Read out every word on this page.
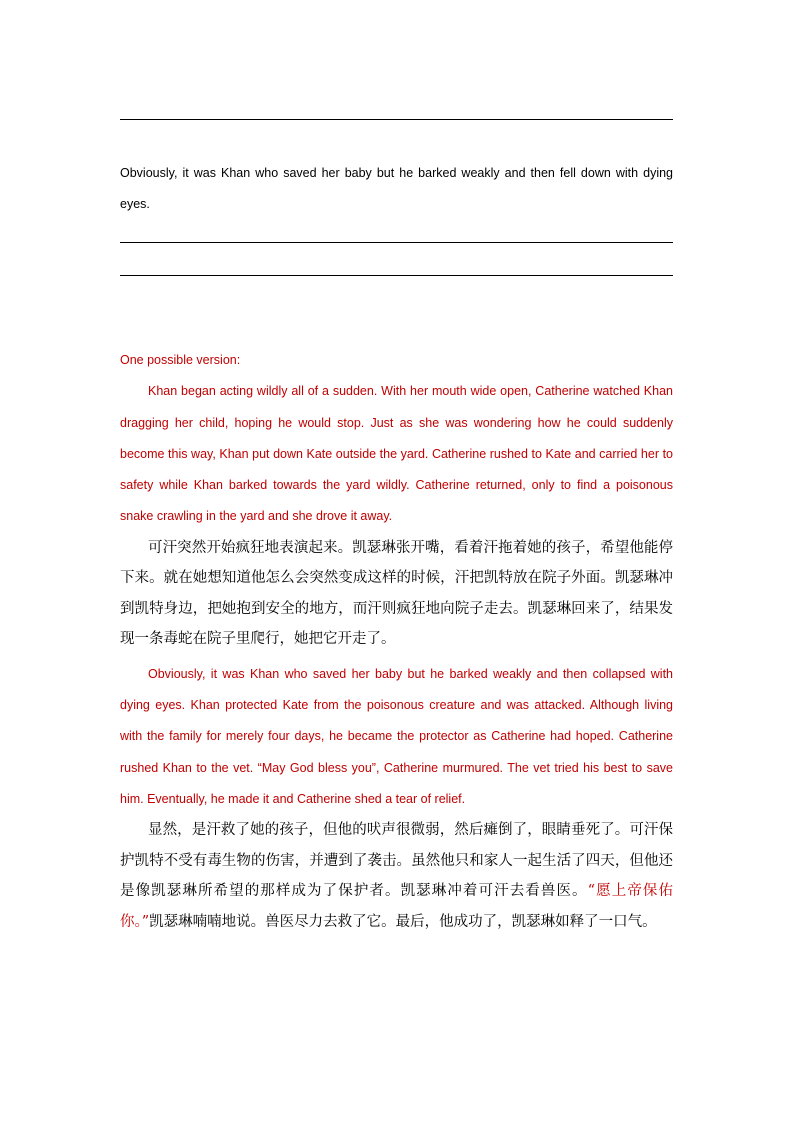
Obviously, it was Khan who saved her baby but he barked weakly and then fell down with dying eyes.

One possible version:

Khan began acting wildly all of a sudden. With her mouth wide open, Catherine watched Khan dragging her child, hoping he would stop. Just as she was wondering how he could suddenly become this way, Khan put down Kate outside the yard. Catherine rushed to Kate and carried her to safety while Khan barked towards the yard wildly. Catherine returned, only to find a poisonous snake crawling in the yard and she drove it away.

可汗突然开始疯狂地表演起来。凯瑟琳张开嘴，看着汗拖着她的孩子，希望他能停下来。就在她想知道他怎么会突然变成这样的时候，汗把凯特放在院子外面。凯瑟琳冲到凯特身边，把她抱到安全的地方，而汗则疯狂地向院子走去。凯瑟琳回来了，结果发现一条毒蛇在院子里爬行，她把它开走了。

Obviously, it was Khan who saved her baby but he barked weakly and then collapsed with dying eyes. Khan protected Kate from the poisonous creature and was attacked. Although living with the family for merely four days, he became the protector as Catherine had hoped. Catherine rushed Khan to the vet. “May God bless you”, Catherine murmured. The vet tried his best to save him. Eventually, he made it and Catherine shed a tear of relief.

显然，是汗救了她的孩子，但他的吠声很微弱，然后瘫倒了，眼睛垂死了。可汗保护凯特不受有毒生物的伤害，并遭到了袭击。虽然他只和家人一起生活了四天，但他还是像凯瑟琳所希望的那样成为了保护者。凯瑟琳冲着可汗去看兽医。“愿上帝保佑你。”凯瑟琳喃喃地说。兽医尽力去救了它。最后，他成功了，凯瑟琳如释了一口气。
